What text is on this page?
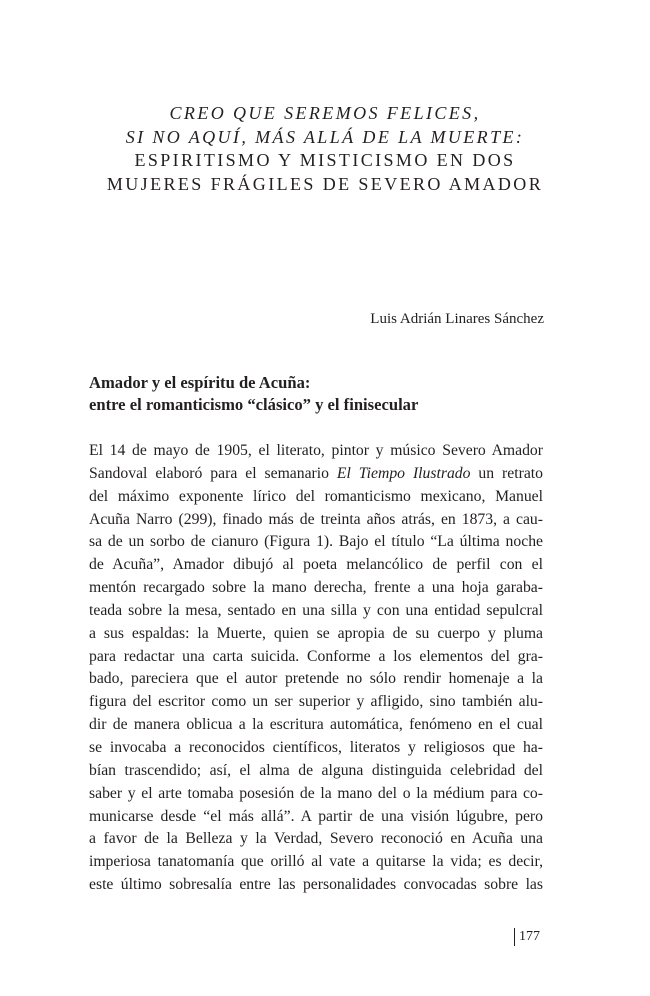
CREO QUE SEREMOS FELICES,
SI NO AQUÍ, MÁS ALLÁ DE LA MUERTE:
ESPIRITISMO Y MISTICISMO EN DOS
MUJERES FRÁGILES DE SEVERO AMADOR
Luis Adrián Linares Sánchez
Amador y el espíritu de Acuña:
entre el romanticismo “clásico” y el finisecular
El 14 de mayo de 1905, el literato, pintor y músico Severo Amador
Sandoval elaboró para el semanario El Tiempo Ilustrado un retrato
del máximo exponente lírico del romanticismo mexicano, Manuel
Acuña Narro (299), finado más de treinta años atrás, en 1873, a cau-
sa de un sorbo de cianuro (Figura 1). Bajo el título “La última noche
de Acuña”, Amador dibujó al poeta melancólico de perfil con el
mentón recargado sobre la mano derecha, frente a una hoja garaba-
teada sobre la mesa, sentado en una silla y con una entidad sepulcral
a sus espaldas: la Muerte, quien se apropia de su cuerpo y pluma
para redactar una carta suicida. Conforme a los elementos del gra-
bado, pareciera que el autor pretende no sólo rendir homenaje a la
figura del escritor como un ser superior y afligido, sino también alu-
dir de manera oblicua a la escritura automática, fenómeno en el cual
se invocaba a reconocidos científicos, literatos y religiosos que ha-
bían trascendido; así, el alma de alguna distinguida celebridad del
saber y el arte tomaba posesión de la mano del o la médium para co-
municarse desde “el más allá”. A partir de una visión lúgubre, pero
a favor de la Belleza y la Verdad, Severo reconoció en Acuña una
imperiosa tanatomanía que orilló al vate a quitarse la vida; es decir,
este último sobresalía entre las personalidades convocadas sobre las
177
